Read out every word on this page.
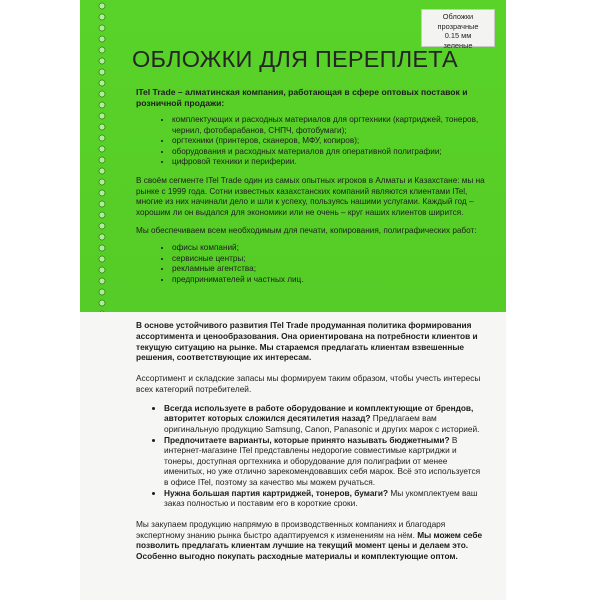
Обложки
прозрачные
0.15 мм
зеленые
ОБЛОЖКИ ДЛЯ ПЕРЕПЛЕТА

ITel Trade – алматинская компания, работающая в сфере оптовых поставок и розничной продажи:

• комплектующих и расходных материалов для оргтехники (картриджей, тонеров, чернил, фотобарабанов, СНПЧ, фотобумаги);
• оргтехники (принтеров, сканеров, МФУ, копиров);
• оборудования и расходных материалов для оперативной полиграфии;
• цифровой техники и периферии.

В своём сегменте ITel Trade один из самых опытных игроков в Алматы и Казахстане: мы на рынке с 1999 года. Сотни известных казахстанских компаний являются клиентами ITel, многие из них начинали дело и шли к успеху, пользуясь нашими услугами. Каждый год – хорошим ли он выдался для экономики или не очень – круг наших клиентов ширится.

Мы обеспечиваем всем необходимым для печати, копирования, полиграфических работ:

• офисы компаний;
• сервисные центры;
• рекламные агентства;
• предпринимателей и частных лиц.

В основе устойчивого развития ITel Trade продуманная политика формирования ассортимента и ценообразования. Она ориентирована на потребности клиентов и текущую ситуацию на рынке. Мы стараемся предлагать клиентам взвешенные решения, соответствующие их интересам.

Ассортимент и складские запасы мы формируем таким образом, чтобы учесть интересы всех категорий потребителей.

• Всегда используете в работе оборудование и комплектующие от брендов, авторитет которых сложился десятилетия назад? Предлагаем вам оригинальную продукцию Samsung, Canon, Panasonic и других марок с историей.
• Предпочитаете варианты, которые принято называть бюджетными? В интернет-магазине ITel представлены недорогие совместимые картриджи и тонеры, доступная оргтехника и оборудование для полиграфии от менее именитых, но уже отлично зарекомендовавших себя марок. Всё это используется в офисе ITel, поэтому за качество мы можем ручаться.
• Нужна большая партия картриджей, тонеров, бумаги? Мы укомплектуем ваш заказ полностью и поставим его в короткие сроки.

Мы закупаем продукцию напрямую в производственных компаниях и благодаря экспертному знанию рынка быстро адаптируемся к изменениям на нём. Мы можем себе позволить предлагать клиентам лучшие на текущий момент цены и делаем это. Особенно выгодно покупать расходные материалы и комплектующие оптом.
